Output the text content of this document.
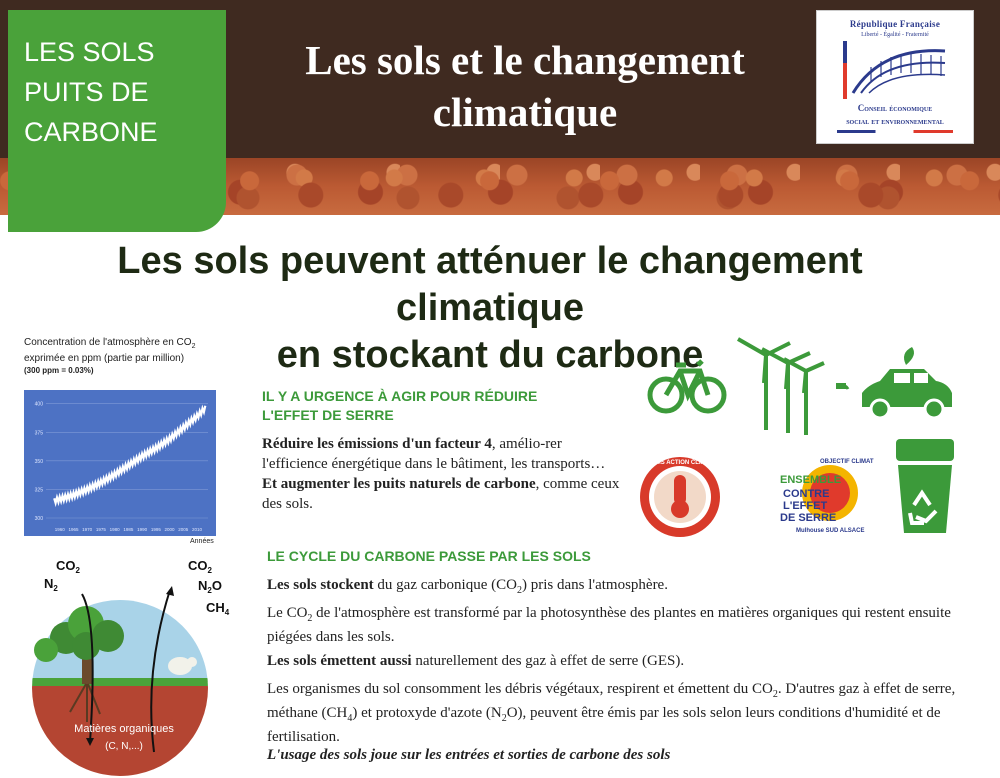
LES SOLS
PUITS DE
CARBONE
Les sols et le changement climatique
République Française
Liberté - Égalité - Fraternité
Conseil économique
social et environnemental
Les sols peuvent atténuer le changement climatique
en stockant du carbone
Concentration de l'atmosphère en $CO_2$
exprimée en ppm (partie par million)
(300 ppm = 0.03%)
400
375
350
325
300
1960 1965 1970 1975 1980 1985 1990 1995 2000 2005 2010
Années
IL Y A URGENCE À AGIR POUR RÉDUIRE L'EFFET DE SERRE

Réduire les émissions d'un facteur 4, amélio-rer l'efficience énergétique dans le bâtiment, les transports… Et augmenter les puits naturels de carbone, comme ceux des sols.

PARIS ACTION CLIMAT
ENSEMBLE
CONTRE
L'EFFET
DE SERRE
OBJECTIF CLIMAT
Mulhouse SUD ALSACE
$CO_2$
$N_2$
$CO_2$
$N_2O$
$CH_4$
Matières organiques
(C, N,...)
LE CYCLE DU CARBONE PASSE PAR LES SOLS

Les sols stockent du gaz carbonique $(CO_2)$ pris dans l'atmosphère.

Le $CO_2$ de l'atmosphère est transformé par la photosynthèse des plantes en matières organiques qui restent ensuite piégées dans les sols.

Les sols émettent aussi naturellement des gaz à effet de serre (GES).

Les organismes du sol consomment les débris végétaux, respirent et émettent du $CO_2$. D'autres gaz à effet de serre, méthane $(CH_4)$ et protoxyde d'azote $(N_2O)$, peuvent être émis par les sols selon leurs conditions d'humidité et de fertilisation.

L'usage des sols joue sur les entrées et sorties de carbone des sols
